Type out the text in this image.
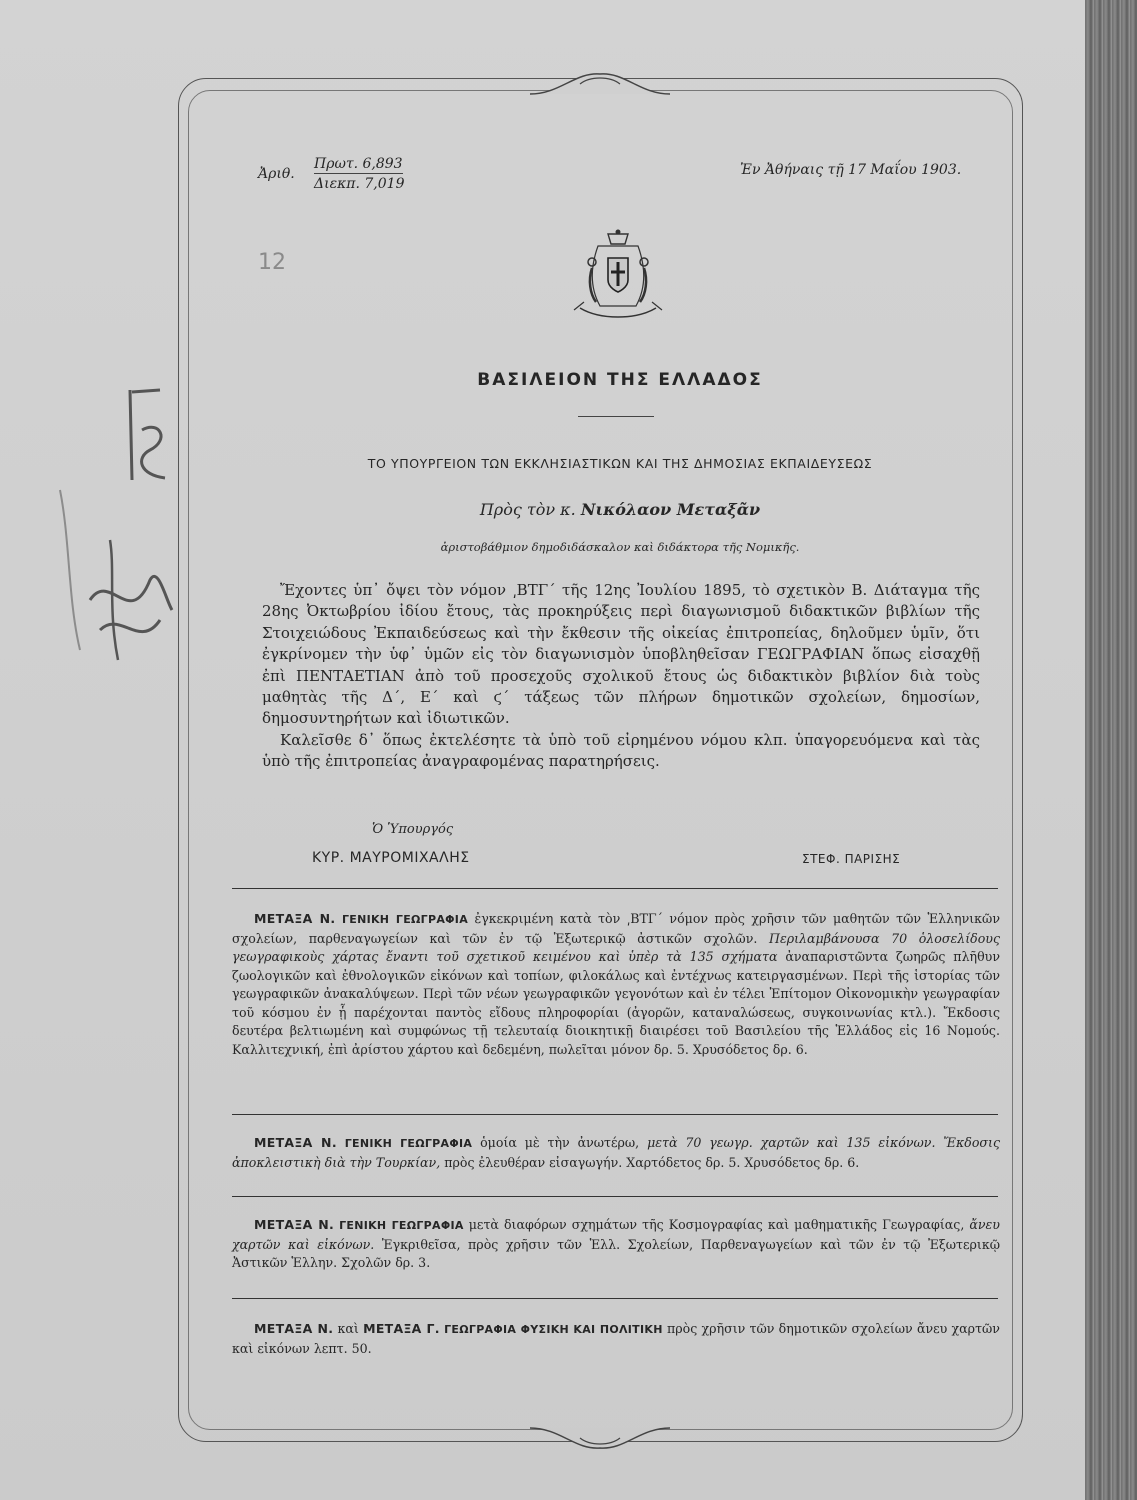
12
Ἀριθ.
Πρωτ. 6,893
Διεκπ. 7,019
Ἐν Ἀθήναις τῇ 17 Μαΐου 1903.
ΒΑΣΙΛΕΙΟΝ ΤΗΣ ΕΛΛΑΔΟΣ
ΤΟ ΥΠΟΥΡΓΕΙΟΝ ΤΩΝ ΕΚΚΛΗΣΙΑΣΤΙΚΩΝ ΚΑΙ ΤΗΣ ΔΗΜΟΣΙΑΣ ΕΚΠΑΙΔΕΥΣΕΩΣ
Πρὸς τὸν κ. Νικόλαον Μεταξᾶν
ἀριστοβάθμιον δημοδιδάσκαλον καὶ διδάκτορα τῆς Νομικῆς.

Ἔχοντες ὑπ᾽ ὄψει τὸν νόμον ͵ΒΤΓ΄ τῆς 12ης Ἰουλίου 1895, τὸ σχετικὸν Β. Διάταγμα τῆς 28ης Ὀκτωβρίου ἰδίου ἔτους, τὰς προκηρύξεις περὶ διαγωνισμοῦ διδακτικῶν βιβλίων τῆς Στοιχειώδους Ἐκπαιδεύσεως καὶ τὴν ἔκθεσιν τῆς οἰκείας ἐπιτροπείας, δηλοῦμεν ὑμῖν, ὅτι ἐγκρίνομεν τὴν ὑφ᾽ ὑμῶν εἰς τὸν διαγωνισμὸν ὑποβληθεῖσαν ΓΕΩΓΡΑΦΙΑΝ ὅπως εἰσαχθῇ ἐπὶ ΠΕΝΤΑΕΤΙΑΝ ἀπὸ τοῦ προσεχοῦς σχολικοῦ ἔτους ὡς διδακτικὸν βιβλίον διὰ τοὺς μαθητὰς τῆς Δ΄, Ε΄ καὶ ϛ΄ τάξεως τῶν πλήρων δημοτικῶν σχολείων, δημοσίων, δημοσυντηρήτων καὶ ἰδιωτικῶν.

Καλεῖσθε δ᾽ ὅπως ἐκτελέσητε τὰ ὑπὸ τοῦ εἰρημένου νόμου κλπ. ὑπαγορευόμενα καὶ τὰς ὑπὸ τῆς ἐπιτροπείας ἀναγραφομένας παρατηρήσεις.

Ὁ Ὑπουργός
ΚΥΡ. ΜΑΥΡΟΜΙΧΑΛΗΣ	ΣΤΕΦ. ΠΑΡΙΣΗΣ
ΜΕΤΑΞΑ Ν. ΓΕΝΙΚΗ ΓΕΩΓΡΑΦΙΑ ἐγκεκριμένη κατὰ τὸν ͵ΒΤΓ΄ νόμον πρὸς χρῆσιν τῶν μαθητῶν τῶν Ἑλληνικῶν σχολείων, παρθεναγωγείων καὶ τῶν ἐν τῷ Ἐξωτερικῷ ἀστικῶν σχολῶν. Περιλαμβάνουσα 70 ὁλοσελίδους γεωγραφικοὺς χάρτας ἔναντι τοῦ σχετικοῦ κειμένου καὶ ὑπὲρ τὰ 135 σχήματα ἀναπαριστῶντα ζωηρῶς πλῆθυν ζωολογικῶν καὶ ἐθνολογικῶν εἰκόνων καὶ τοπίων, φιλοκάλως καὶ ἐντέχνως κατειργασμένων. Περὶ τῆς ἱστορίας τῶν γεωγραφικῶν ἀνακαλύψεων. Περὶ τῶν νέων γεωγραφικῶν γεγονότων καὶ ἐν τέλει Ἐπίτομον Οἰκονομικὴν γεωγραφίαν τοῦ κόσμου ἐν ᾗ παρέχονται παντὸς εἴδους πληροφορίαι (ἀγορῶν, καταναλώσεως, συγκοινωνίας κτλ.). Ἔκδοσις δευτέρα βελτιωμένη καὶ συμφώνως τῇ τελευταίᾳ διοικητικῇ διαιρέσει τοῦ Βασιλείου τῆς Ἑλλάδος εἰς 16 Νομούς. Καλλιτεχνική, ἐπὶ ἀρίστου χάρτου καὶ δεδεμένη, πωλεῖται μόνον δρ. 5. Χρυσόδετος δρ. 6.
ΜΕΤΑΞΑ Ν. ΓΕΝΙΚΗ ΓΕΩΓΡΑΦΙΑ ὁμοία μὲ τὴν ἀνωτέρω, μετὰ 70 γεωγρ. χαρτῶν καὶ 135 εἰκόνων. Ἔκδοσις ἀποκλειστικὴ διὰ τὴν Τουρκίαν, πρὸς ἐλευθέραν εἰσαγωγήν. Χαρτόδετος δρ. 5. Χρυσόδετος δρ. 6.
ΜΕΤΑΞΑ Ν. ΓΕΝΙΚΗ ΓΕΩΓΡΑΦΙΑ μετὰ διαφόρων σχημάτων τῆς Κοσμογραφίας καὶ μαθηματικῆς Γεωγραφίας, ἄνευ χαρτῶν καὶ εἰκόνων. Ἐγκριθεῖσα, πρὸς χρῆσιν τῶν Ἑλλ. Σχολείων, Παρθεναγωγείων καὶ τῶν ἐν τῷ Ἐξωτερικῷ Ἀστικῶν Ἑλλην. Σχολῶν δρ. 3.
ΜΕΤΑΞΑ Ν. καὶ ΜΕΤΑΞΑ Γ. ΓΕΩΓΡΑΦΙΑ ΦΥΣΙΚΗ ΚΑΙ ΠΟΛΙΤΙΚΗ πρὸς χρῆσιν τῶν δημοτικῶν σχολείων ἄνευ χαρτῶν καὶ εἰκόνων λεπτ. 50.
